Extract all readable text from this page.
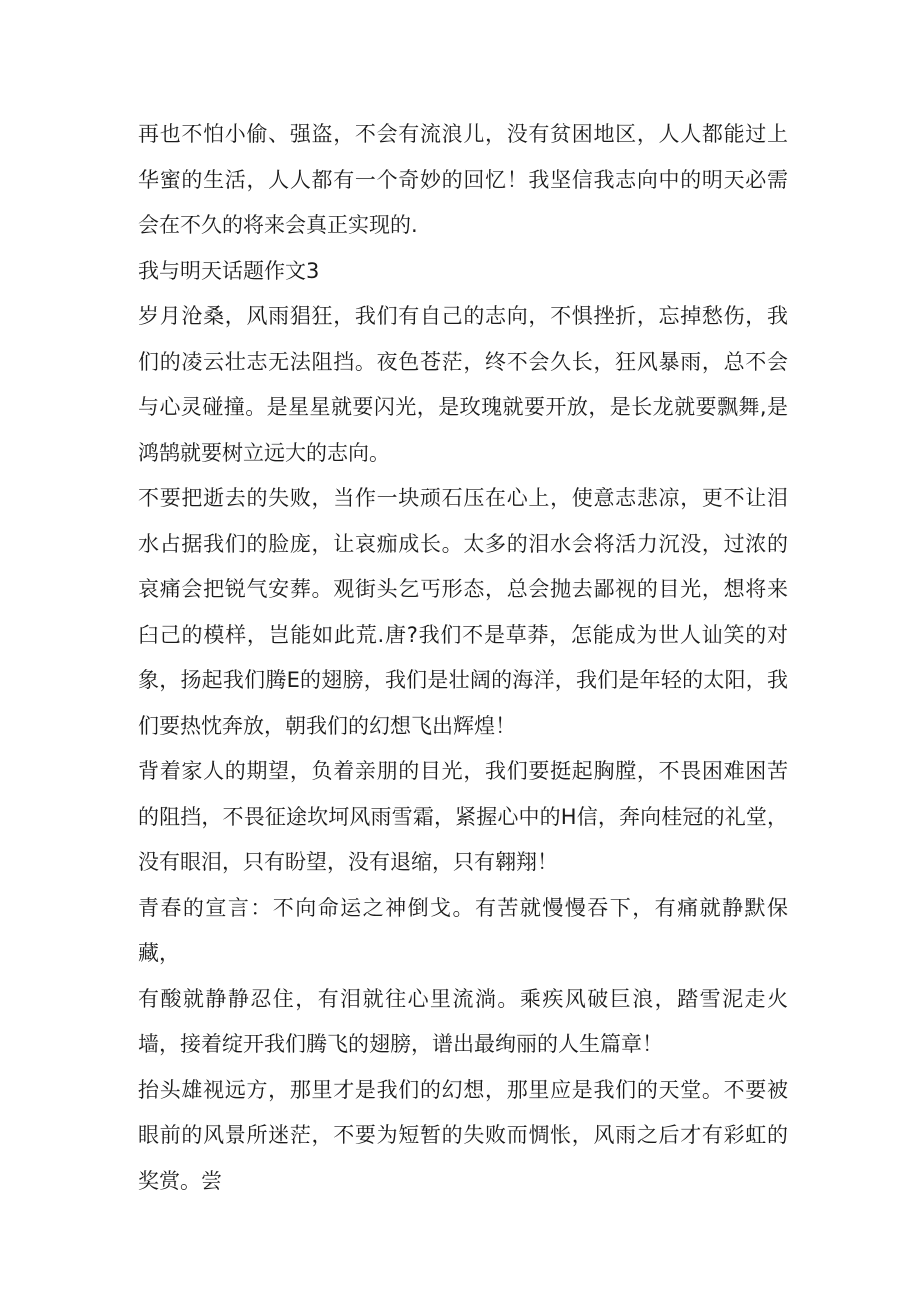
再也不怕小偷、强盗，不会有流浪儿，没有贫困地区，人人都能过上华蜜的生活，人人都有一个奇妙的回忆！我坚信我志向中的明天必需会在不久的将来会真正实现的.

我与明天话题作文3

岁月沧桑，风雨猖狂，我们有自己的志向，不惧挫折，忘掉愁伤，我们的凌云壮志无法阻挡。夜色苍茫，终不会久长，狂风暴雨，总不会与心灵碰撞。是星星就要闪光，是玫瑰就要开放，是长龙就要飘舞,是鸿鹄就要树立远大的志向。

不要把逝去的失败，当作一块顽石压在心上，使意志悲凉，更不让泪水占据我们的脸庞，让哀痂成长。太多的泪水会将活力沉没，过浓的哀痛会把锐气安葬。观街头乞丐形态，总会抛去鄙视的目光，想将来臼己的模样，岂能如此荒.唐?我们不是草莽，怎能成为世人讪笑的对象，扬起我们腾E的翅膀，我们是壮阔的海洋，我们是年轻的太阳，我们要热忱奔放，朝我们的幻想飞出辉煌！

背着家人的期望，负着亲朋的目光，我们要挺起胸膛，不畏困难困苦的阻挡，不畏征途坎坷风雨雪霜，紧握心中的H信，奔向桂冠的礼堂，没有眼泪，只有盼望，没有退缩，只有翱翔！

青春的宣言：不向命运之神倒戈。有苦就慢慢吞下，有痛就静默保藏，

有酸就静静忍住，有泪就往心里流淌。乘疾风破巨浪，踏雪泥走火墙，接着绽开我们腾飞的翅膀，谱出最绚丽的人生篇章！

抬头雄视远方，那里才是我们的幻想，那里应是我们的天堂。不要被眼前的风景所迷茫，不要为短暂的失败而惆怅，风雨之后才有彩虹的奖赏。尝
